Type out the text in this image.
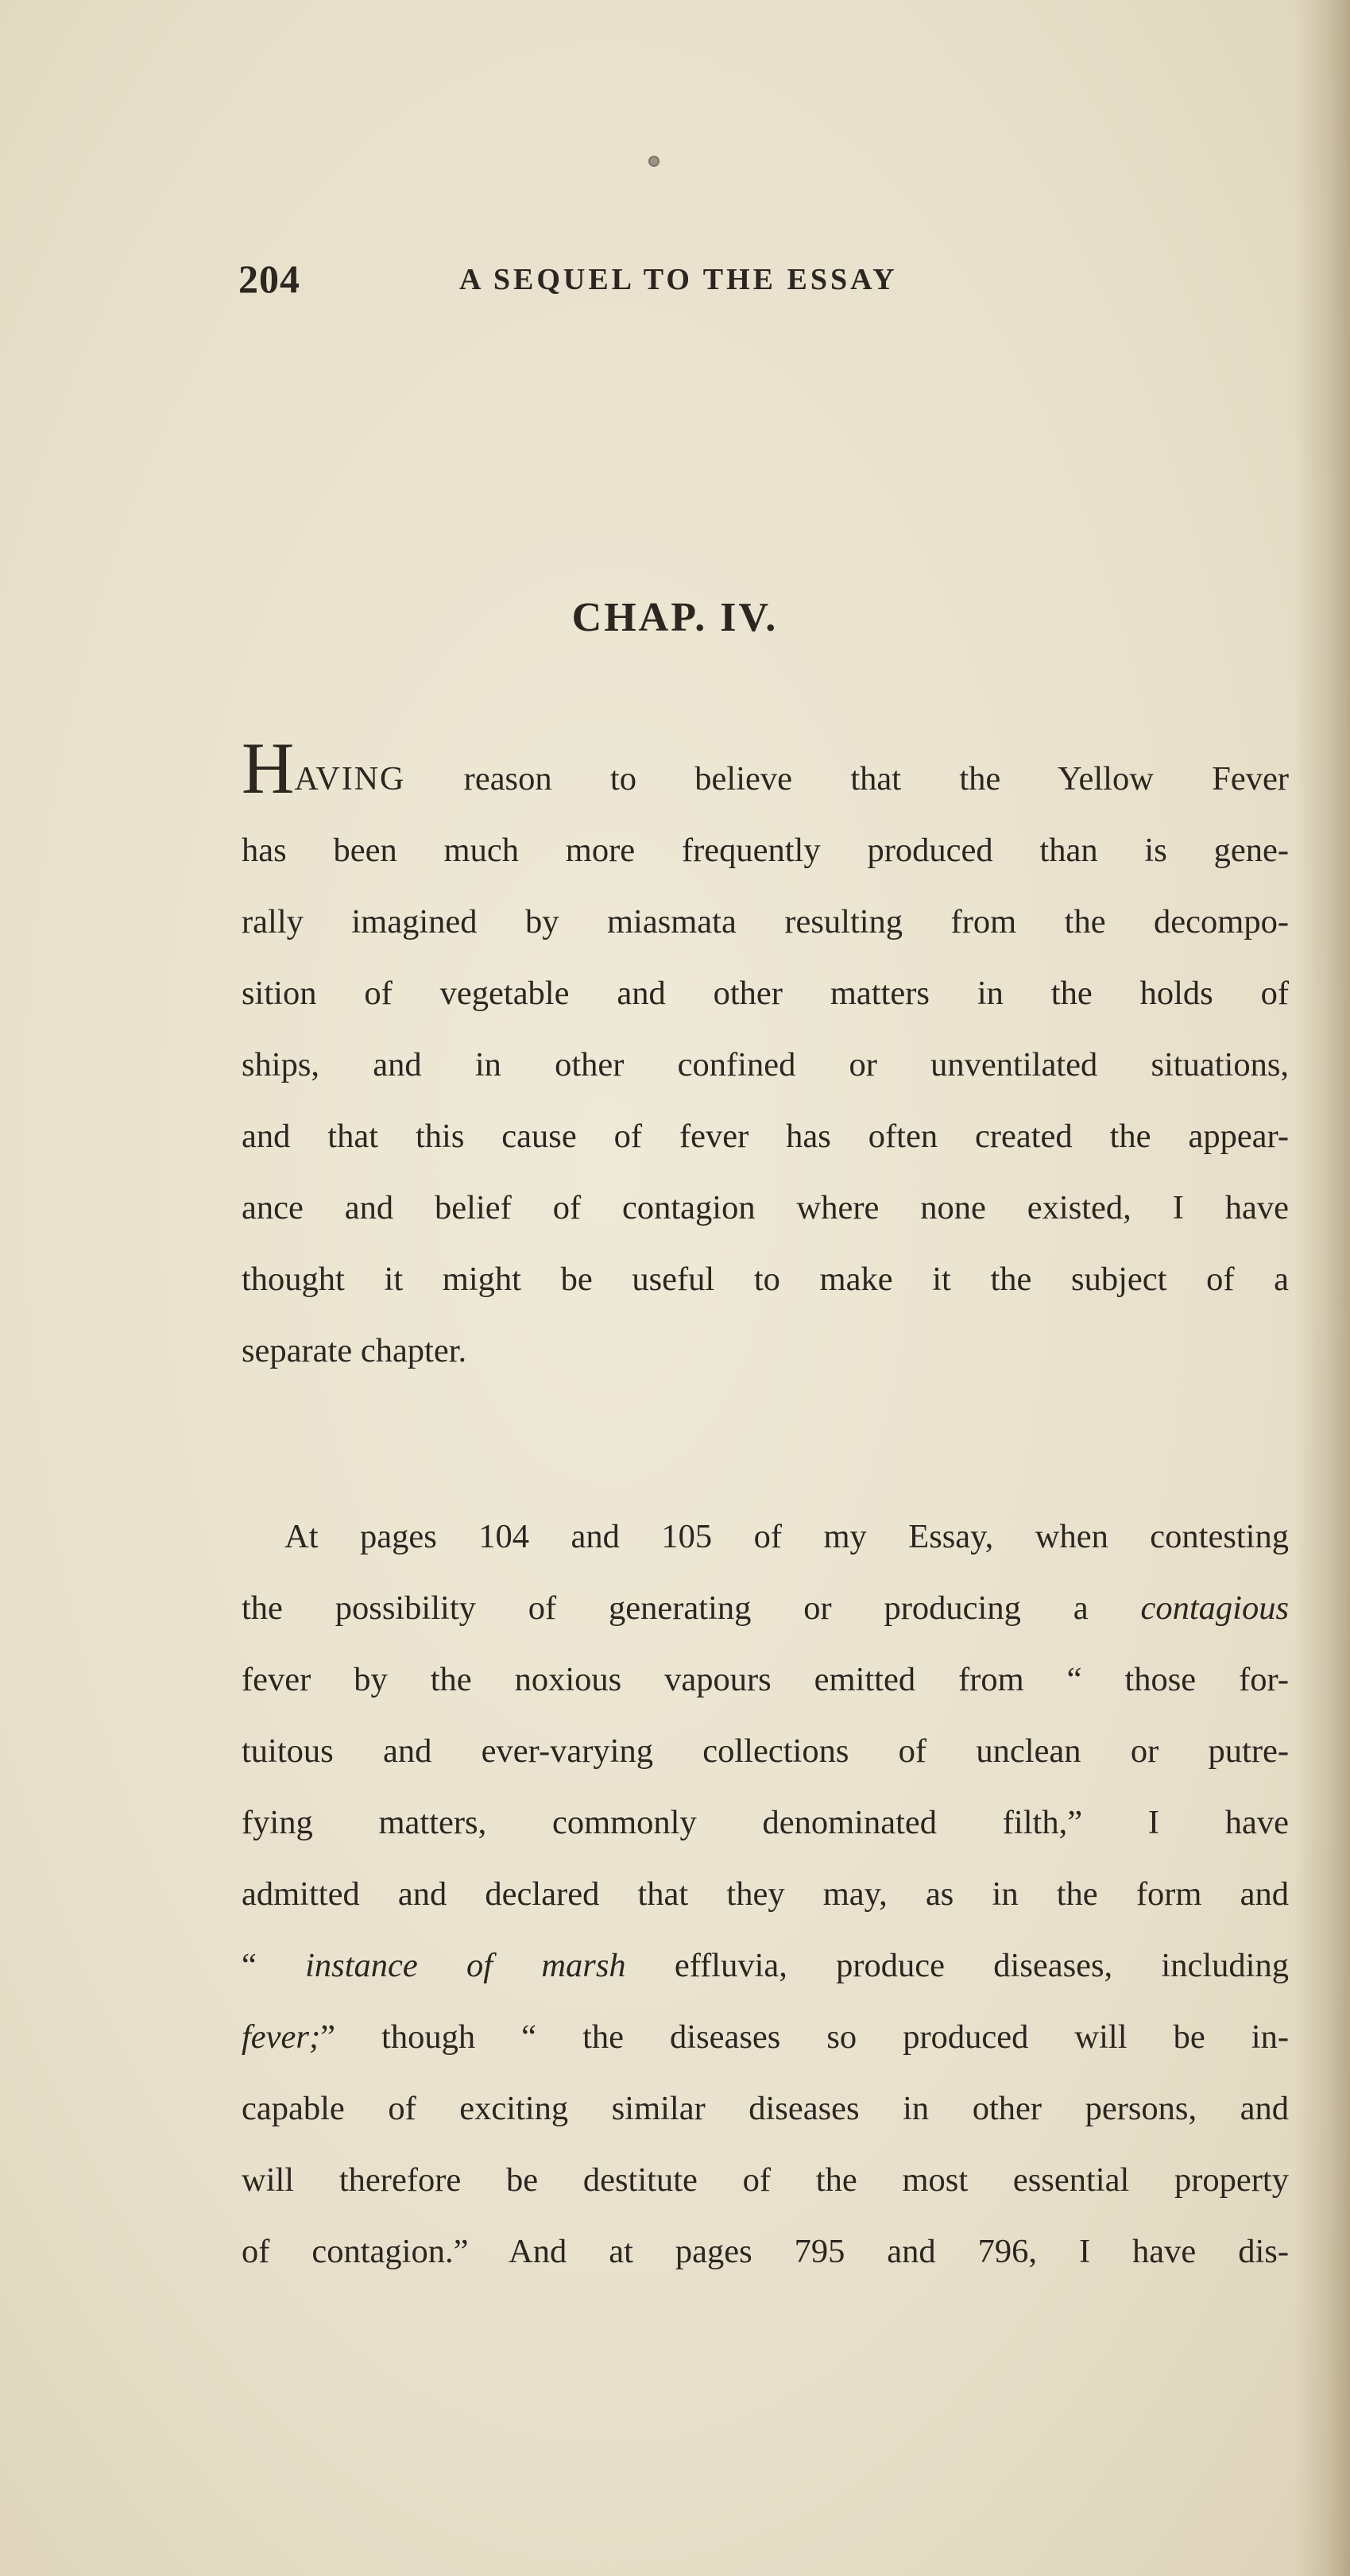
204	A SEQUEL TO THE ESSAY
CHAP. IV.
HAVING reason to believe that the Yellow Fever
has been much more frequently produced than is gene-
rally imagined by miasmata resulting from the decompo-
sition of vegetable and other matters in the holds of
ships, and in other confined or unventilated situations,
and that this cause of fever has often created the appear-
ance and belief of contagion where none existed, I have
thought it might be useful to make it the subject of a
separate chapter.
At pages 104 and 105 of my Essay, when contesting
the possibility of generating or producing a contagious
fever by the noxious vapours emitted from “ those for-
tuitous and ever-varying collections of unclean or putre-
fying matters, commonly denominated filth,” I have
admitted and declared that they may, as in the form and
“ instance of marsh effluvia, produce diseases, including
fever;” though “ the diseases so produced will be in-
capable of exciting similar diseases in other persons, and
will therefore be destitute of the most essential property
of contagion.” And at pages 795 and 796, I have dis-
